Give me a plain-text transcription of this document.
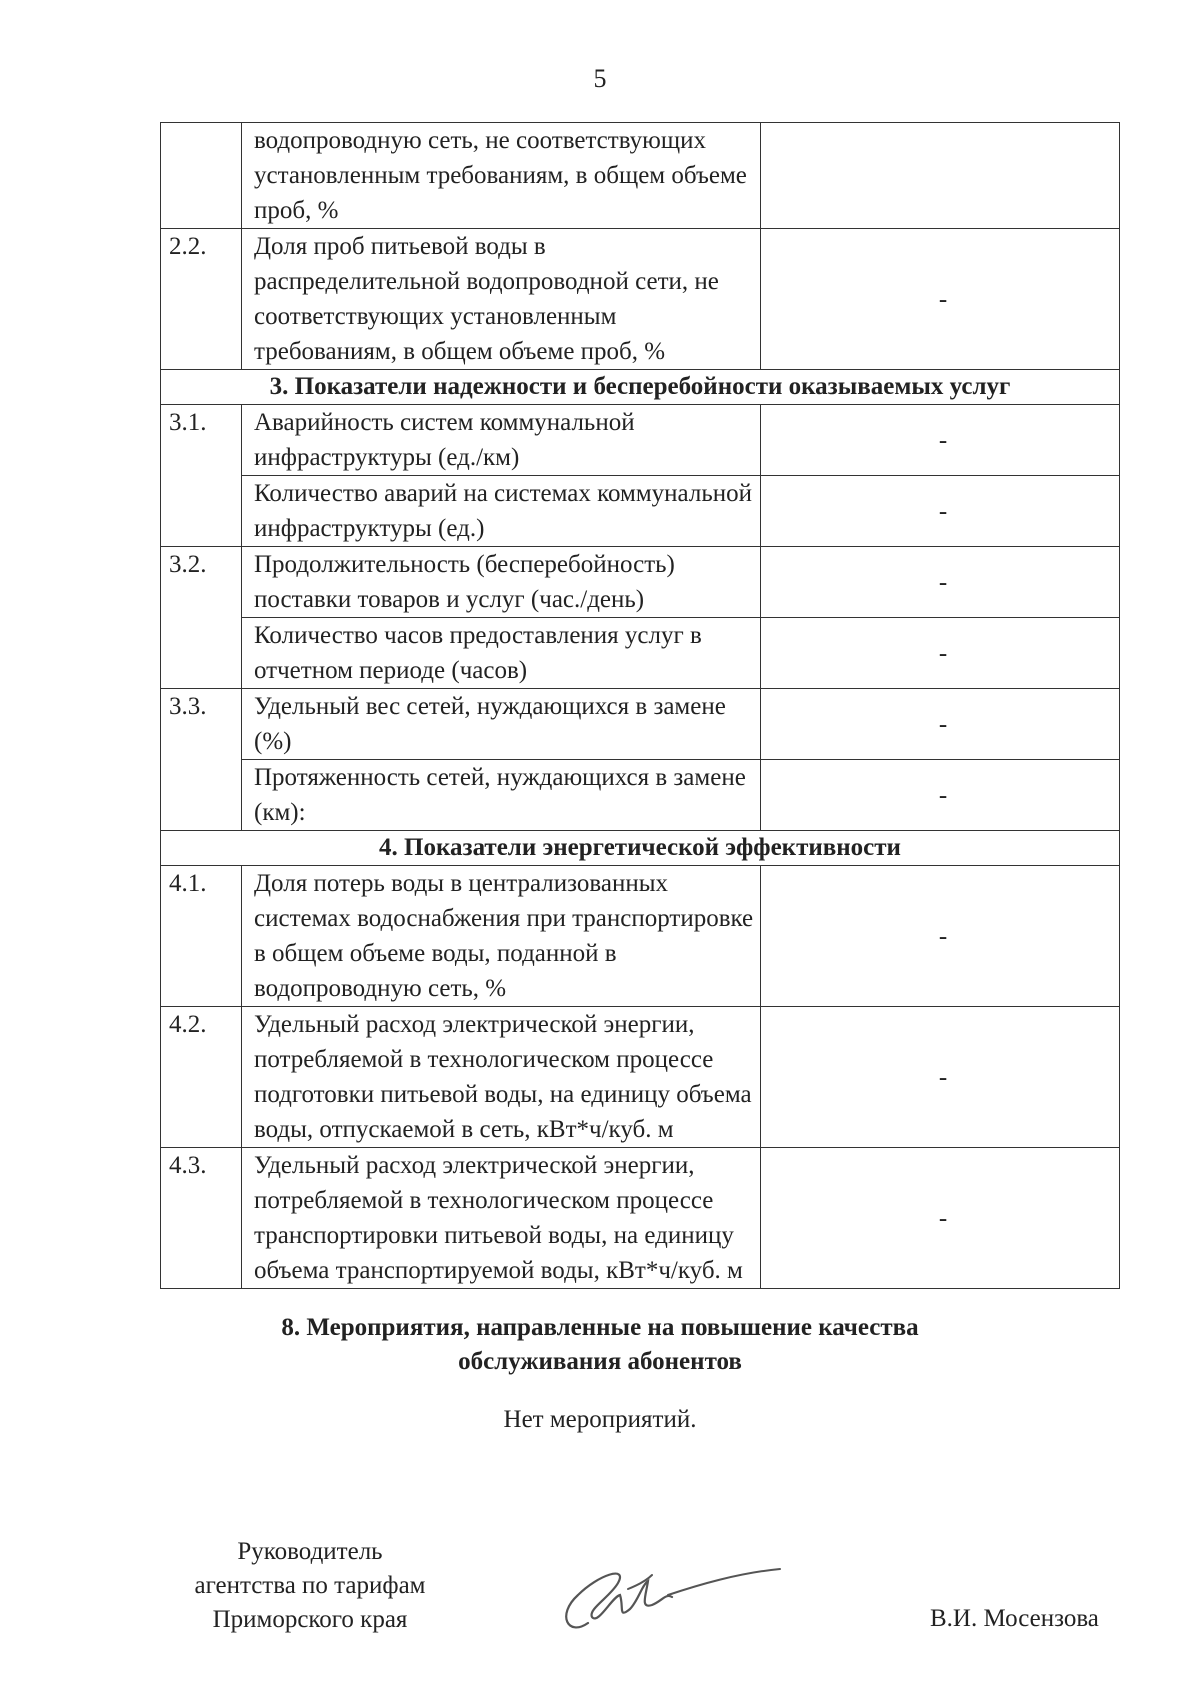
5
	водопроводную сеть, не соответствующих установленным требованиям, в общем объеме проб, %	
2.2.	Доля проб питьевой воды в распределительной водопроводной сети, не соответствующих установленным требованиям, в общем объеме проб, %	-
3. Показатели надежности и бесперебойности оказываемых услуг		
3.1.	Аварийность систем коммунальной инфраструктуры (ед./км)	-
	Количество аварий на системах коммунальной инфраструктуры (ед.)	-
3.2.	Продолжительность (бесперебойность) поставки товаров и услуг (час./день)	-
	Количество часов предоставления услуг в отчетном периоде (часов)	-
3.3.	Удельный вес сетей, нуждающихся в замене (%)	-
	Протяженность сетей, нуждающихся в замене (км):	-
4. Показатели энергетической эффективности		
4.1.	Доля потерь воды в централизованных системах водоснабжения при транспортировке в общем объеме воды, поданной в водопроводную сеть, %	-
4.2.	Удельный расход электрической энергии, потребляемой в технологическом процессе подготовки питьевой воды, на единицу объема воды, отпускаемой в сеть, кВт*ч/куб. м	-
4.3.	Удельный расход электрической энергии, потребляемой в технологическом процессе транспортировки питьевой воды, на единицу объема транспортируемой воды, кВт*ч/куб. м	-
8. Мероприятия, направленные на повышение качества
обслуживания абонентов
Нет мероприятий.
Руководитель
агентства по тарифам
Приморского края	В.И. Мосензова
